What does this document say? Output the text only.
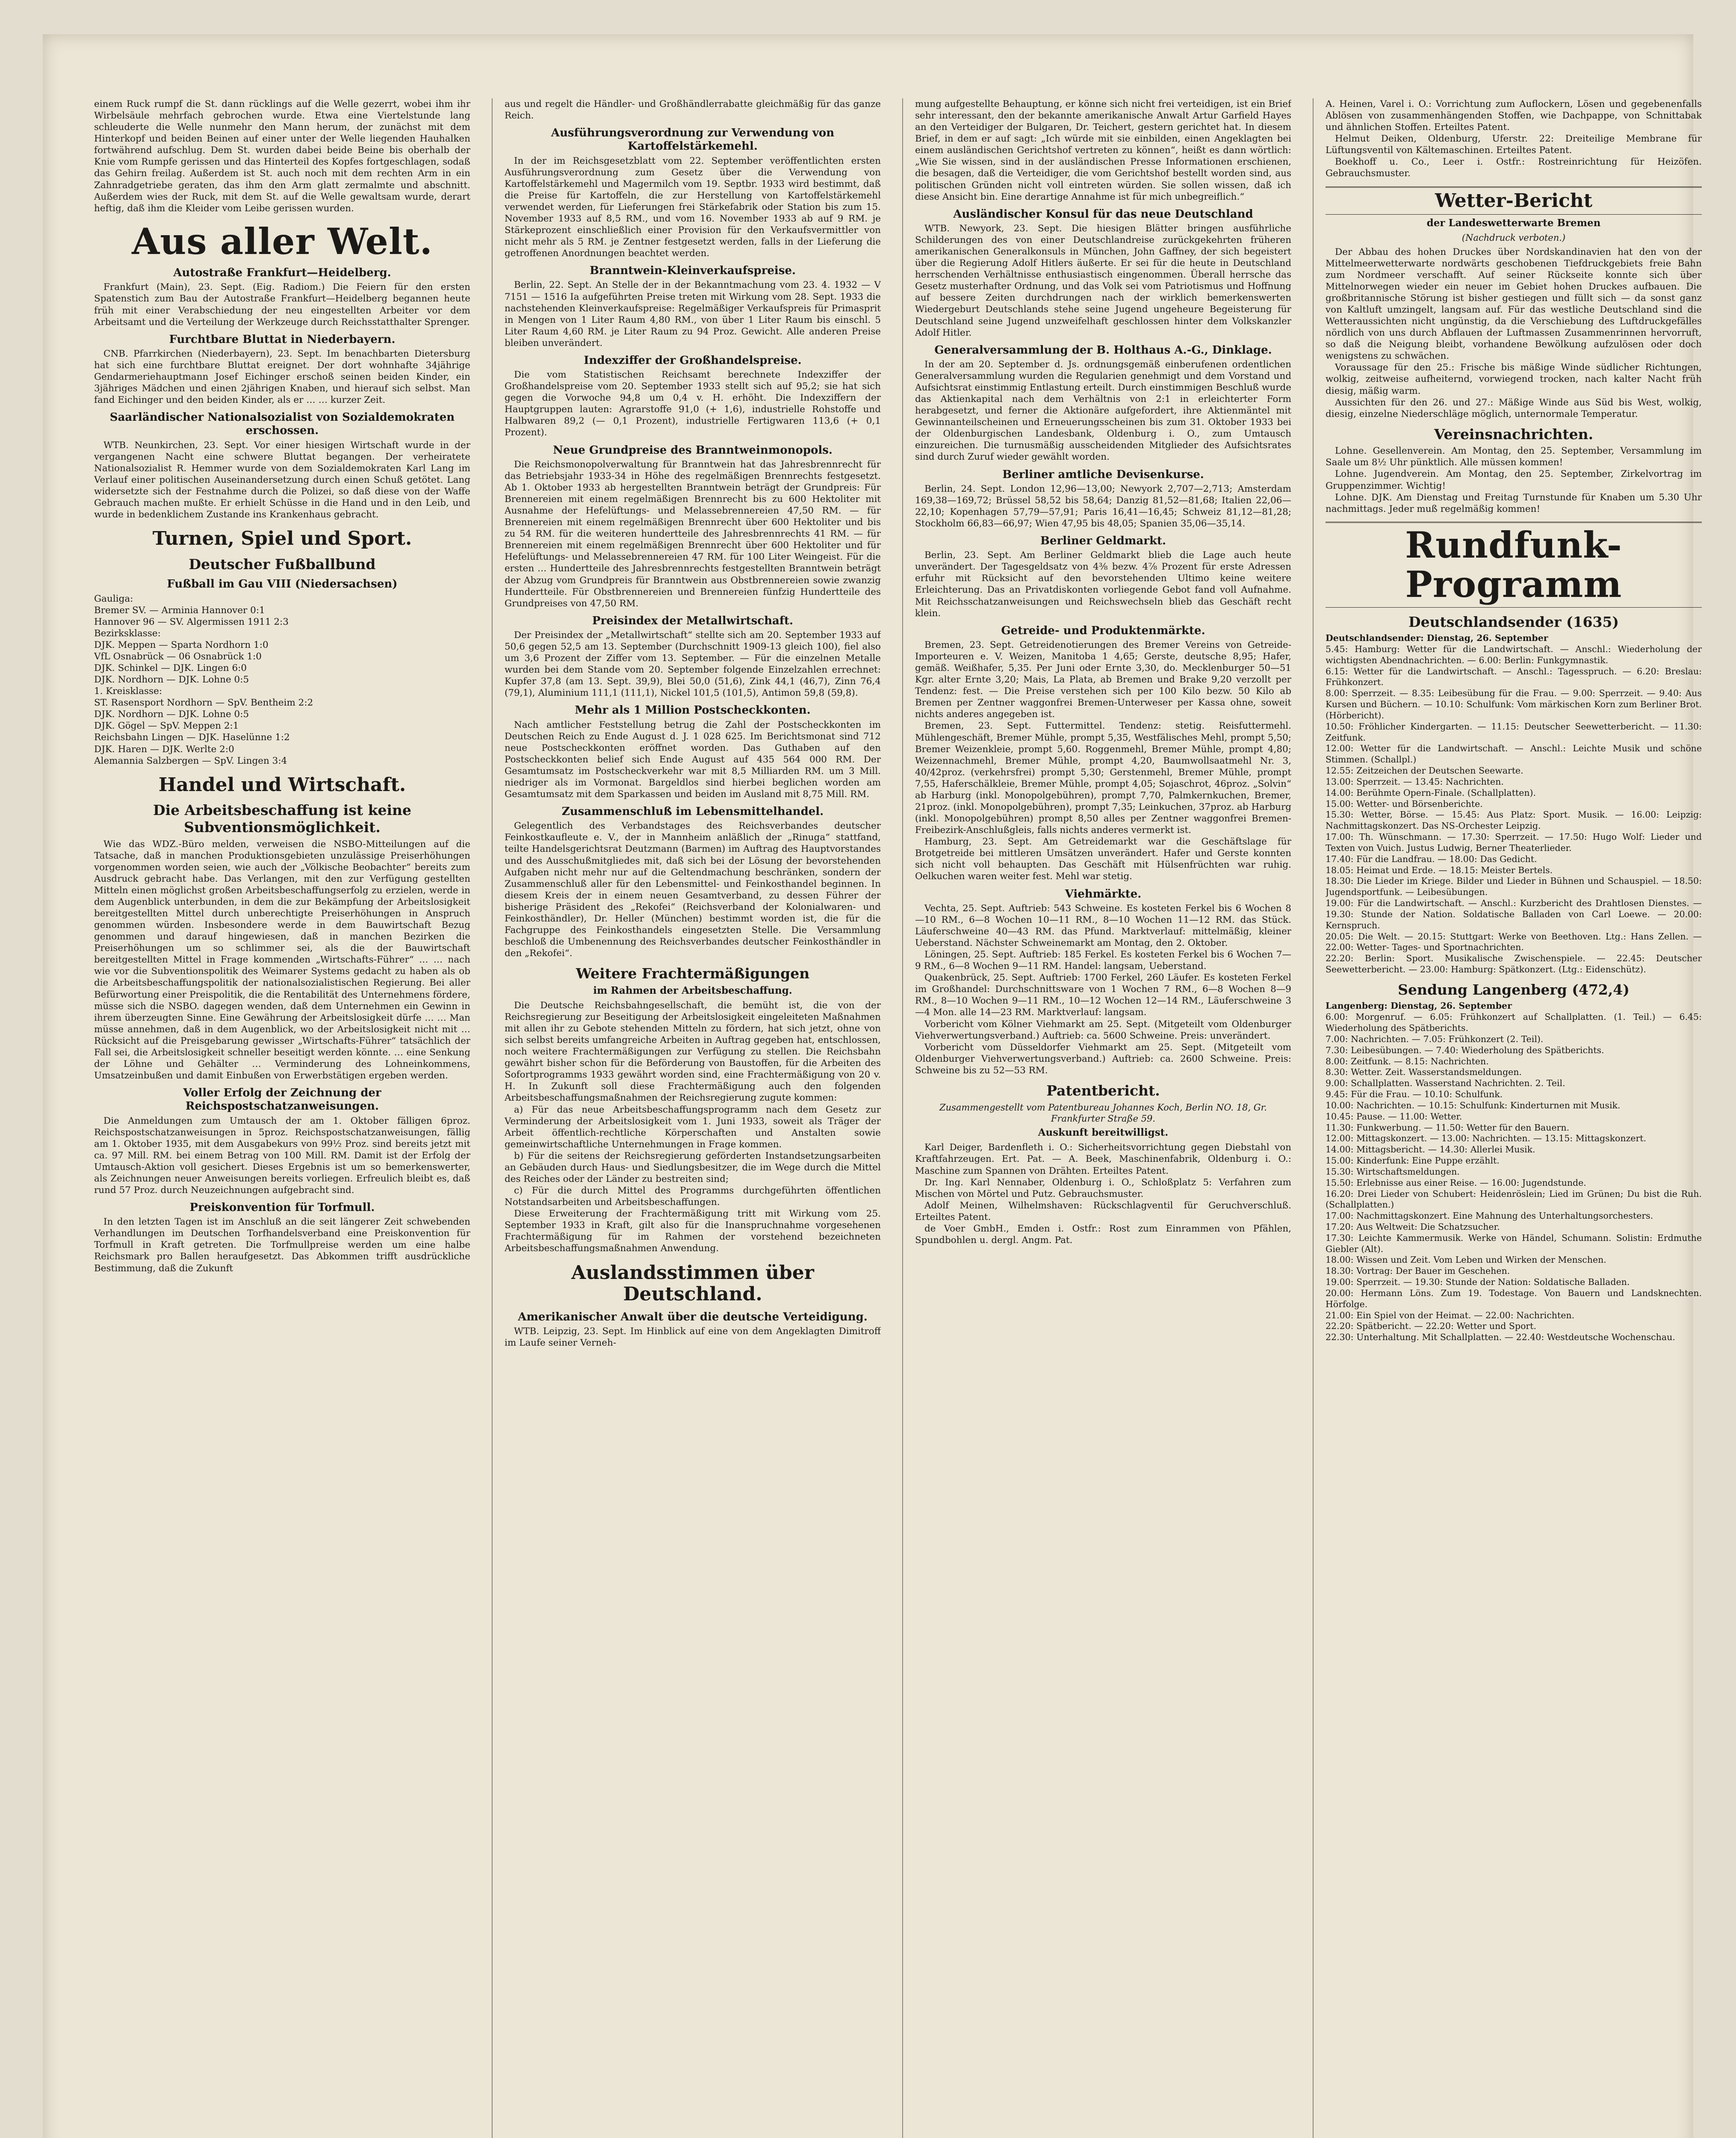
einem Ruck rumpf die St. dann rücklings auf die Welle gezerrt, wobei ihm ihr Wirbelsäule mehrfach gebrochen wurde. Etwa eine Viertelstunde lang schleuderte die Welle nunmehr den Mann herum, der zunächst mit dem Hinterkopf und beiden Beinen auf einer unter der Welle liegenden Hauhalken fortwährend aufschlug. Dem St. wurden dabei beide Beine bis oberhalb der Knie vom Rumpfe gerissen und das Hinterteil des Kopfes fortgeschlagen, sodaß das Gehirn freilag. Außerdem ist St. auch noch mit dem rechten Arm in ein Zahnradgetriebe geraten, das ihm den Arm glatt zermalmte und abschnitt. Außerdem wies der Ruck, mit dem St. auf die Welle gewaltsam wurde, derart heftig, daß ihm die Kleider vom Leibe gerissen wurden.

Aus aller Welt.
Autostraße Frankfurt—Heidelberg.

Frankfurt (Main), 23. Sept. (Eig. Radiom.) Die Feiern für den ersten Spatenstich zum Bau der Autostraße Frankfurt—Heidelberg begannen heute früh mit einer Verabschiedung der neu eingestellten Arbeiter vor dem Arbeitsamt und die Verteilung der Werkzeuge durch Reichsstatthalter Sprenger.

Furchtbare Bluttat in Niederbayern.

CNB. Pfarrkirchen (Niederbayern), 23. Sept. Im benachbarten Dietersburg hat sich eine furchtbare Bluttat ereignet. Der dort wohnhafte 34jährige Gendarmeriehauptmann Josef Eichinger erschoß seinen beiden Kinder, ein 3jähriges Mädchen und einen 2jährigen Knaben, und hierauf sich selbst. Man fand Eichinger und den beiden Kinder, als er … … kurzer Zeit.

Saarländischer Nationalsozialist von Sozialdemokraten erschossen.

WTB. Neunkirchen, 23. Sept. Vor einer hiesigen Wirtschaft wurde in der vergangenen Nacht eine schwere Bluttat begangen. Der verheiratete Nationalsozialist R. Hemmer wurde von dem Sozialdemokraten Karl Lang im Verlauf einer politischen Auseinandersetzung durch einen Schuß getötet. Lang widersetzte sich der Festnahme durch die Polizei, so daß diese von der Waffe Gebrauch machen mußte. Er erhielt Schüsse in die Hand und in den Leib, und wurde in bedenklichem Zustande ins Krankenhaus gebracht.

Turnen, Spiel und Sport.
Deutscher Fußballbund
Fußball im Gau VIII (Niedersachsen)
Gauliga:
Bremer SV. — Arminia Hannover 0:1
Hannover 96 — SV. Algermissen 1911 2:3
Bezirksklasse:
DJK. Meppen — Sparta Nordhorn 1:0
VfL Osnabrück — 06 Osnabrück 1:0
DJK. Schinkel — DJK. Lingen 6:0
DJK. Nordhorn — DJK. Lohne 0:5
1. Kreisklasse:
ST. Rasensport Nordhorn — SpV. Bentheim 2:2
DJK. Nordhorn — DJK. Lohne 0:5
DJK. Gögel — SpV. Meppen 2:1
Reichsbahn Lingen — DJK. Haselünne 1:2
DJK. Haren — DJK. Werlte 2:0
Alemannia Salzbergen — SpV. Lingen 3:4
Handel und Wirtschaft.
Die Arbeitsbeschaffung ist keine Subventionsmöglichkeit.

Wie das WDZ.-Büro melden, verweisen die NSBO-Mitteilungen auf die Tatsache, daß in manchen Produktionsgebieten unzulässige Preiserhöhungen vorgenommen worden seien, wie auch der „Völkische Beobachter“ bereits zum Ausdruck gebracht habe. Das Verlangen, mit den zur Verfügung gestellten Mitteln einen möglichst großen Arbeitsbeschaffungserfolg zu erzielen, werde in dem Augenblick unterbunden, in dem die zur Bekämpfung der Arbeitslosigkeit bereitgestellten Mittel durch unberechtigte Preiserhöhungen in Anspruch genommen würden. Insbesondere werde in dem Bauwirtschaft Bezug genommen und darauf hingewiesen, daß in manchen Bezirken die Preiserhöhungen um so schlimmer sei, als die der Bauwirtschaft bereitgestellten Mittel in Frage kommenden „Wirtschafts-Führer“ … … nach wie vor die Subventionspolitik des Weimarer Systems gedacht zu haben als ob die Arbeitsbeschaffungspolitik der nationalsozialistischen Regierung. Bei aller Befürwortung einer Preispolitik, die die Rentabilität des Unternehmens fördere, müsse sich die NSBO. dagegen wenden, daß dem Unternehmen ein Gewinn in ihrem überzeugten Sinne. Eine Gewährung der Arbeitslosigkeit dürfe … … Man müsse annehmen, daß in dem Augenblick, wo der Arbeitslosigkeit nicht mit … Rücksicht auf die Preisgebarung gewisser „Wirtschafts-Führer“ tatsächlich der Fall sei, die Arbeitslosigkeit schneller beseitigt werden könnte. … eine Senkung der Löhne und Gehälter … Verminderung des Lohneinkommens, Umsatzeinbußen und damit Einbußen von Erwerbstätigen ergeben werden.

Voller Erfolg der Zeichnung der Reichspostschatzanweisungen.

Die Anmeldungen zum Umtausch der am 1. Oktober fälligen 6proz. Reichspostschatzanweisungen in 5proz. Reichspostschatzanweisungen, fällig am 1. Oktober 1935, mit dem Ausgabekurs von 99½ Proz. sind bereits jetzt mit ca. 97 Mill. RM. bei einem Betrag von 100 Mill. RM. Damit ist der Erfolg der Umtausch-Aktion voll gesichert. Dieses Ergebnis ist um so bemerkenswerter, als Zeichnungen neuer Anweisungen bereits vorliegen. Erfreulich bleibt es, daß rund 57 Proz. durch Neuzeichnungen aufgebracht sind.

Preiskonvention für Torfmull.

In den letzten Tagen ist im Anschluß an die seit längerer Zeit schwebenden Verhandlungen im Deutschen Torfhandelsverband eine Preiskonvention für Torfmull in Kraft getreten. Die Torfmullpreise werden um eine halbe Reichsmark pro Ballen heraufgesetzt. Das Abkommen trifft ausdrückliche Bestimmung, daß die Zukunft

aus und regelt die Händler- und Großhändlerrabatte gleichmäßig für das ganze Reich.

Ausführungsverordnung zur Verwendung von Kartoffelstärkemehl.

In der im Reichsgesetzblatt vom 22. September veröffentlichten ersten Ausführungsverordnung zum Gesetz über die Verwendung von Kartoffelstärkemehl und Magermilch vom 19. Septbr. 1933 wird bestimmt, daß die Preise für Kartoffeln, die zur Herstellung von Kartoffelstärkemehl verwendet werden, für Lieferungen frei Stärkefabrik oder Station bis zum 15. November 1933 auf 8,5 RM., und vom 16. November 1933 ab auf 9 RM. je Stärkeprozent einschließlich einer Provision für den Verkaufsvermittler von nicht mehr als 5 RM. je Zentner festgesetzt werden, falls in der Lieferung die getroffenen Anordnungen beachtet werden.

Branntwein-Kleinverkaufspreise.

Berlin, 22. Sept. An Stelle der in der Bekanntmachung vom 23. 4. 1932 — V 7151 — 1516 Ia aufgeführten Preise treten mit Wirkung vom 28. Sept. 1933 die nachstehenden Kleinverkaufspreise: Regelmäßiger Verkaufspreis für Primasprit in Mengen von 1 Liter Raum 4,80 RM., von über 1 Liter Raum bis einschl. 5 Liter Raum 4,60 RM. je Liter Raum zu 94 Proz. Gewicht. Alle anderen Preise bleiben unverändert.

Indexziffer der Großhandelspreise.

Die vom Statistischen Reichsamt berechnete Indexziffer der Großhandelspreise vom 20. September 1933 stellt sich auf 95,2; sie hat sich gegen die Vorwoche 94,8 um 0,4 v. H. erhöht. Die Indexziffern der Hauptgruppen lauten: Agrarstoffe 91,0 (+ 1,6), industrielle Rohstoffe und Halbwaren 89,2 (— 0,1 Prozent), industrielle Fertigwaren 113,6 (+ 0,1 Prozent).

Neue Grundpreise des Branntweinmonopols.

Die Reichsmonopolverwaltung für Branntwein hat das Jahresbrennrecht für das Betriebsjahr 1933-34 in Höhe des regelmäßigen Brennrechts festgesetzt. Ab 1. Oktober 1933 ab hergestellten Branntwein beträgt der Grundpreis: Für Brennereien mit einem regelmäßigen Brennrecht bis zu 600 Hektoliter mit Ausnahme der Hefelüftungs- und Melassebrennereien 47,50 RM. — für Brennereien mit einem regelmäßigen Brennrecht über 600 Hektoliter und bis zu 54 RM. für die weiteren hundertteile des Jahresbrennrechts 41 RM. — für Brennereien mit einem regelmäßigen Brennrecht über 600 Hektoliter und für Hefelüftungs- und Melassebrennereien 47 RM. für 100 Liter Weingeist. Für die ersten … Hundertteile des Jahresbrennrechts festgestellten Branntwein beträgt der Abzug vom Grundpreis für Branntwein aus Obstbrennereien sowie zwanzig Hundertteile. Für Obstbrennereien und Brennereien fünfzig Hundertteile des Grundpreises von 47,50 RM.

Preisindex der Metallwirtschaft.

Der Preisindex der „Metallwirtschaft“ stellte sich am 20. September 1933 auf 50,6 gegen 52,5 am 13. September (Durchschnitt 1909-13 gleich 100), fiel also um 3,6 Prozent der Ziffer vom 13. September. — Für die einzelnen Metalle wurden bei dem Stande vom 20. September folgende Einzelzahlen errechnet: Kupfer 37,8 (am 13. Sept. 39,9), Blei 50,0 (51,6), Zink 44,1 (46,7), Zinn 76,4 (79,1), Aluminium 111,1 (111,1), Nickel 101,5 (101,5), Antimon 59,8 (59,8).

Mehr als 1 Million Postscheckkonten.

Nach amtlicher Feststellung betrug die Zahl der Postscheckkonten im Deutschen Reich zu Ende August d. J. 1 028 625. Im Berichtsmonat sind 712 neue Postscheckkonten eröffnet worden. Das Guthaben auf den Postscheckkonten belief sich Ende August auf 435 564 000 RM. Der Gesamtumsatz im Postscheckverkehr war mit 8,5 Milliarden RM. um 3 Mill. niedriger als im Vormonat. Bargeldlos sind hierbei beglichen worden am Gesamtumsatz mit dem Sparkassen und beiden im Ausland mit 8,75 Mill. RM.

Zusammenschluß im Lebensmittelhandel.

Gelegentlich des Verbandstages des Reichsverbandes deutscher Feinkostkaufleute e. V., der in Mannheim anläßlich der „Rinuga“ stattfand, teilte Handelsgerichtsrat Deutzmann (Barmen) im Auftrag des Hauptvorstandes und des Ausschußmitgliedes mit, daß sich bei der Lösung der bevorstehenden Aufgaben nicht mehr nur auf die Geltendmachung beschränken, sondern der Zusammenschluß aller für den Lebensmittel- und Feinkosthandel beginnen. In diesem Kreis der in einem neuen Gesamtverband, zu dessen Führer der bisherige Präsident des „Rekofei“ (Reichsverband der Kolonialwaren- und Feinkosthändler), Dr. Heller (München) bestimmt worden ist, die für die Fachgruppe des Feinkosthandels eingesetzten Stelle. Die Versammlung beschloß die Umbenennung des Reichsverbandes deutscher Feinkosthändler in den „Rekofei“.

Weitere Frachtermäßigungen
im Rahmen der Arbeitsbeschaffung.

Die Deutsche Reichsbahngesellschaft, die bemüht ist, die von der Reichsregierung zur Beseitigung der Arbeitslosigkeit eingeleiteten Maßnahmen mit allen ihr zu Gebote stehenden Mitteln zu fördern, hat sich jetzt, ohne von sich selbst bereits umfangreiche Arbeiten in Auftrag gegeben hat, entschlossen, noch weitere Frachtermäßigungen zur Verfügung zu stellen. Die Reichsbahn gewährt bisher schon für die Beförderung von Baustoffen, für die Arbeiten des Sofortprogramms 1933 gewährt worden sind, eine Frachtermäßigung von 20 v. H. In Zukunft soll diese Frachtermäßigung auch den folgenden Arbeitsbeschaffungsmaßnahmen der Reichsregierung zugute kommen:

a) Für das neue Arbeitsbeschaffungsprogramm nach dem Gesetz zur Verminderung der Arbeitslosigkeit vom 1. Juni 1933, soweit als Träger der Arbeit öffentlich-rechtliche Körperschaften und Anstalten sowie gemeinwirtschaftliche Unternehmungen in Frage kommen.

b) Für die seitens der Reichsregierung geförderten Instandsetzungsarbeiten an Gebäuden durch Haus- und Siedlungsbesitzer, die im Wege durch die Mittel des Reiches oder der Länder zu bestreiten sind;

c) Für die durch Mittel des Programms durchgeführten öffentlichen Notstandsarbeiten und Arbeitsbeschaffungen.

Diese Erweiterung der Frachtermäßigung tritt mit Wirkung vom 25. September 1933 in Kraft, gilt also für die Inanspruchnahme vorgesehenen Frachtermäßigung für im Rahmen der vorstehend bezeichneten Arbeitsbeschaffungsmaßnahmen Anwendung.

Auslandsstimmen über Deutschland.
Amerikanischer Anwalt über die deutsche Verteidigung.

WTB. Leipzig, 23. Sept. Im Hinblick auf eine von dem Angeklagten Dimitroff im Laufe seiner Verneh-

mung aufgestellte Behauptung, er könne sich nicht frei verteidigen, ist ein Brief sehr interessant, den der bekannte amerikanische Anwalt Artur Garfield Hayes an den Verteidiger der Bulgaren, Dr. Teichert, gestern gerichtet hat. In diesem Brief, in dem er auf sagt: „Ich würde mit sie einbilden, einen Angeklagten bei einem ausländischen Gerichtshof vertreten zu können“, heißt es dann wörtlich: „Wie Sie wissen, sind in der ausländischen Presse Informationen erschienen, die besagen, daß die Verteidiger, die vom Gerichtshof bestellt worden sind, aus politischen Gründen nicht voll eintreten würden. Sie sollen wissen, daß ich diese Ansicht bin. Eine derartige Annahme ist für mich unbegreiflich.“

Ausländischer Konsul für das neue Deutschland

WTB. Newyork, 23. Sept. Die hiesigen Blätter bringen ausführliche Schilderungen des von einer Deutschlandreise zurückgekehrten früheren amerikanischen Generalkonsuls in München, John Gaffney, der sich begeistert über die Regierung Adolf Hitlers äußerte. Er sei für die heute in Deutschland herrschenden Verhältnisse enthusiastisch eingenommen. Überall herrsche das Gesetz musterhafter Ordnung, und das Volk sei vom Patriotismus und Hoffnung auf bessere Zeiten durchdrungen nach der wirklich bemerkenswerten Wiedergeburt Deutschlands stehe seine Jugend ungeheure Begeisterung für Deutschland seine Jugend unzweifelhaft geschlossen hinter dem Volkskanzler Adolf Hitler.

Generalversammlung der B. Holthaus A.-G., Dinklage.

In der am 20. September d. Js. ordnungsgemäß einberufenen ordentlichen Generalversammlung wurden die Regularien genehmigt und dem Vorstand und Aufsichtsrat einstimmig Entlastung erteilt. Durch einstimmigen Beschluß wurde das Aktienkapital nach dem Verhältnis von 2:1 in erleichterter Form herabgesetzt, und ferner die Aktionäre aufgefordert, ihre Aktienmäntel mit Gewinnanteilscheinen und Erneuerungsscheinen bis zum 31. Oktober 1933 bei der Oldenburgischen Landesbank, Oldenburg i. O., zum Umtausch einzureichen. Die turnusmäßig ausscheidenden Mitglieder des Aufsichtsrates sind durch Zuruf wieder gewählt worden.

Berliner amtliche Devisenkurse.

Berlin, 24. Sept. London 12,96—13,00; Newyork 2,707—2,713; Amsterdam 169,38—169,72; Brüssel 58,52 bis 58,64; Danzig 81,52—81,68; Italien 22,06—22,10; Kopenhagen 57,79—57,91; Paris 16,41—16,45; Schweiz 81,12—81,28; Stockholm 66,83—66,97; Wien 47,95 bis 48,05; Spanien 35,06—35,14.

Berliner Geldmarkt.

Berlin, 23. Sept. Am Berliner Geldmarkt blieb die Lage auch heute unverändert. Der Tagesgeldsatz von 4⅜ bezw. 4⅞ Prozent für erste Adressen erfuhr mit Rücksicht auf den bevorstehenden Ultimo keine weitere Erleichterung. Das an Privatdiskonten vorliegende Gebot fand voll Aufnahme. Mit Reichsschatzanweisungen und Reichswechseln blieb das Geschäft recht klein.

Getreide- und Produktenmärkte.

Bremen, 23. Sept. Getreidenotierungen des Bremer Vereins von Getreide-Importeuren e. V. Weizen, Manitoba 1 4,65; Gerste, deutsche 8,95; Hafer, gemäß. Weißhafer, 5,35. Per Juni oder Ernte 3,30, do. Mecklenburger 50—51 Kgr. alter Ernte 3,20; Mais, La Plata, ab Bremen und Brake 9,20 verzollt per Tendenz: fest. — Die Preise verstehen sich per 100 Kilo bezw. 50 Kilo ab Bremen per Zentner waggonfrei Bremen-Unterweser per Kassa ohne, soweit nichts anderes angegeben ist.

Bremen, 23. Sept. Futtermittel. Tendenz: stetig. Reisfuttermehl. Mühlengeschäft, Bremer Mühle, prompt 5,35, Westfälisches Mehl, prompt 5,50; Bremer Weizenkleie, prompt 5,60. Roggenmehl, Bremer Mühle, prompt 4,80; Weizennachmehl, Bremer Mühle, prompt 4,20, Baumwollsaatmehl Nr. 3, 40/42proz. (verkehrsfrei) prompt 5,30; Gerstenmehl, Bremer Mühle, prompt 7,55, Haferschälkleie, Bremer Mühle, prompt 4,05; Sojaschrot, 46proz. „Solvin“ ab Harburg (inkl. Monopolgebühren), prompt 7,70, Palmkernkuchen, Bremer, 21proz. (inkl. Monopolgebühren), prompt 7,35; Leinkuchen, 37proz. ab Harburg (inkl. Monopolgebühren) prompt 8,50 alles per Zentner waggonfrei Bremen-Freibezirk-Anschlußgleis, falls nichts anderes vermerkt ist.

Hamburg, 23. Sept. Am Getreidemarkt war die Geschäftslage für Brotgetreide bei mittleren Umsätzen unverändert. Hafer und Gerste konnten sich nicht voll behaupten. Das Geschäft mit Hülsenfrüchten war ruhig. Oelkuchen waren weiter fest. Mehl war stetig.

Viehmärkte.

Vechta, 25. Sept. Auftrieb: 543 Schweine. Es kosteten Ferkel bis 6 Wochen 8—10 RM., 6—8 Wochen 10—11 RM., 8—10 Wochen 11—12 RM. das Stück. Läuferschweine 40—43 RM. das Pfund. Marktverlauf: mittelmäßig, kleiner Ueberstand. Nächster Schweinemarkt am Montag, den 2. Oktober.

Löningen, 25. Sept. Auftrieb: 185 Ferkel. Es kosteten Ferkel bis 6 Wochen 7—9 RM., 6—8 Wochen 9—11 RM. Handel: langsam, Ueberstand.

Quakenbrück, 25. Sept. Auftrieb: 1700 Ferkel, 260 Läufer. Es kosteten Ferkel im Großhandel: Durchschnittsware von 1 Wochen 7 RM., 6—8 Wochen 8—9 RM., 8—10 Wochen 9—11 RM., 10—12 Wochen 12—14 RM., Läuferschweine 3—4 Mon. alle 14—23 RM. Marktverlauf: langsam.

Vorbericht vom Kölner Viehmarkt am 25. Sept. (Mitgeteilt vom Oldenburger Viehverwertungsverband.) Auftrieb: ca. 5600 Schweine. Preis: unverändert.

Vorbericht vom Düsseldorfer Viehmarkt am 25. Sept. (Mitgeteilt vom Oldenburger Viehverwertungsverband.) Auftrieb: ca. 2600 Schweine. Preis: Schweine bis zu 52—53 RM.

Patentbericht.
Zusammengestellt vom Patentbureau Johannes Koch, Berlin NO. 18, Gr. Frankfurter Straße 59.
Auskunft bereitwilligst.

Karl Deiger, Bardenfleth i. O.: Sicherheitsvorrichtung gegen Diebstahl von Kraftfahrzeugen. Ert. Pat. — A. Beek, Maschinenfabrik, Oldenburg i. O.: Maschine zum Spannen von Drähten. Erteiltes Patent.

Dr. Ing. Karl Nennaber, Oldenburg i. O., Schloßplatz 5: Verfahren zum Mischen von Mörtel und Putz. Gebrauchsmuster.

Adolf Meinen, Wilhelmshaven: Rückschlagventil für Geruchverschluß. Erteiltes Patent.

de Voer GmbH., Emden i. Ostfr.: Rost zum Einrammen von Pfählen, Spundbohlen u. dergl. Angm. Pat.

A. Heinen, Varel i. O.: Vorrichtung zum Auflockern, Lösen und gegebenenfalls Ablösen von zusammenhängenden Stoffen, wie Dachpappe, von Schnittabak und ähnlichen Stoffen. Erteiltes Patent.

Helmut Deiken, Oldenburg, Uferstr. 22: Dreiteilige Membrane für Lüftungsventil von Kältemaschinen. Erteiltes Patent.

Boekhoff u. Co., Leer i. Ostfr.: Rostreinrichtung für Heizöfen. Gebrauchsmuster.

Wetter-Bericht
der Landeswetterwarte Bremen
(Nachdruck verboten.)

Der Abbau des hohen Druckes über Nordskandinavien hat den von der Mittelmeerwetterwarte nordwärts geschobenen Tiefdruckgebiets freie Bahn zum Nordmeer verschafft. Auf seiner Rückseite konnte sich über Mittelnorwegen wieder ein neuer im Gebiet hohen Druckes aufbauen. Die großbritannische Störung ist bisher gestiegen und füllt sich — da sonst ganz von Kaltluft umzingelt, langsam auf. Für das westliche Deutschland sind die Wetteraussichten nicht ungünstig, da die Verschiebung des Luftdruckgefälles nördlich von uns durch Abflauen der Luftmassen Zusammenrinnen hervorruft, so daß die Neigung bleibt, vorhandene Bewölkung aufzulösen oder doch wenigstens zu schwächen.

Voraussage für den 25.: Frische bis mäßige Winde südlicher Richtungen, wolkig, zeitweise aufheiternd, vorwiegend trocken, nach kalter Nacht früh diesig, mäßig warm.

Aussichten für den 26. und 27.: Mäßige Winde aus Süd bis West, wolkig, diesig, einzelne Niederschläge möglich, unternormale Temperatur.

Vereinsnachrichten.

Lohne. Gesellenverein. Am Montag, den 25. September, Versammlung im Saale um 8½ Uhr pünktlich. Alle müssen kommen!

Lohne. Jugendverein. Am Montag, den 25. September, Zirkelvortrag im Gruppenzimmer. Wichtig!

Lohne. DJK. Am Dienstag und Freitag Turnstunde für Knaben um 5.30 Uhr nachmittags. Jeder muß regelmäßig kommen!

Rundfunk-Programm
Deutschlandsender (1635)
Deutschlandsender: Dienstag, 26. September
5.45: Hamburg: Wetter für die Landwirtschaft. — Anschl.: Wiederholung der wichtigsten Abendnachrichten. — 6.00: Berlin: Funkgymnastik.
6.15: Wetter für die Landwirtschaft. — Anschl.: Tagesspruch. — 6.20: Breslau: Frühkonzert.
8.00: Sperrzeit. — 8.35: Leibesübung für die Frau. — 9.00: Sperrzeit. — 9.40: Aus Kursen und Büchern. — 10.10: Schulfunk: Vom märkischen Korn zum Berliner Brot. (Hörbericht).
10.50: Fröhlicher Kindergarten. — 11.15: Deutscher Seewetterbericht. — 11.30: Zeitfunk.
12.00: Wetter für die Landwirtschaft. — Anschl.: Leichte Musik und schöne Stimmen. (Schallpl.)
12.55: Zeitzeichen der Deutschen Seewarte.
13.00: Sperrzeit. — 13.45: Nachrichten.
14.00: Berühmte Opern-Finale. (Schallplatten).
15.00: Wetter- und Börsenberichte.
15.30: Wetter, Börse. — 15.45: Aus Platz: Sport. Musik. — 16.00: Leipzig: Nachmittagskonzert. Das NS-Orchester Leipzig.
17.00: Th. Wünschmann. — 17.30: Sperrzeit. — 17.50: Hugo Wolf: Lieder und Texten von Vuich. Justus Ludwig, Berner Theaterlieder.
17.40: Für die Landfrau. — 18.00: Das Gedicht.
18.05: Heimat und Erde. — 18.15: Meister Bertels.
18.30: Die Lieder im Kriege. Bilder und Lieder in Bühnen und Schauspiel. — 18.50: Jugendsportfunk. — Leibesübungen.
19.00: Für die Landwirtschaft. — Anschl.: Kurzbericht des Drahtlosen Dienstes. — 19.30: Stunde der Nation. Soldatische Balladen von Carl Loewe. — 20.00: Kernspruch.
20.05: Die Welt. — 20.15: Stuttgart: Werke von Beethoven. Ltg.: Hans Zellen. — 22.00: Wetter- Tages- und Sportnachrichten.
22.20: Berlin: Sport. Musikalische Zwischenspiele. — 22.45: Deutscher Seewetterbericht. — 23.00: Hamburg: Spätkonzert. (Ltg.: Eidenschütz).
Sendung Langenberg (472,4)
Langenberg: Dienstag, 26. September
6.00: Morgenruf. — 6.05: Frühkonzert auf Schallplatten. (1. Teil.) — 6.45: Wiederholung des Spätberichts.
7.00: Nachrichten. — 7.05: Frühkonzert (2. Teil).
7.30: Leibesübungen. — 7.40: Wiederholung des Spätberichts.
8.00: Zeitfunk. — 8.15: Nachrichten.
8.30: Wetter. Zeit. Wasserstandsmeldungen.
9.00: Schallplatten. Wasserstand Nachrichten. 2. Teil.
9.45: Für die Frau. — 10.10: Schulfunk.
10.00: Nachrichten. — 10.15: Schulfunk: Kinderturnen mit Musik.
10.45: Pause. — 11.00: Wetter.
11.30: Funkwerbung. — 11.50: Wetter für den Bauern.
12.00: Mittagskonzert. — 13.00: Nachrichten. — 13.15: Mittagskonzert.
14.00: Mittagsbericht. — 14.30: Allerlei Musik.
15.00: Kinderfunk: Eine Puppe erzählt.
15.30: Wirtschaftsmeldungen.
15.50: Erlebnisse aus einer Reise. — 16.00: Jugendstunde.
16.20: Drei Lieder von Schubert: Heidenröslein; Lied im Grünen; Du bist die Ruh. (Schallplatten.)
17.00: Nachmittagskonzert. Eine Mahnung des Unterhaltungsorchesters.
17.20: Aus Weltweit: Die Schatzsucher.
17.30: Leichte Kammermusik. Werke von Händel, Schumann. Solistin: Erdmuthe Giebler (Alt).
18.00: Wissen und Zeit. Vom Leben und Wirken der Menschen.
18.30: Vortrag: Der Bauer im Geschehen.
19.00: Sperrzeit. — 19.30: Stunde der Nation: Soldatische Balladen.
20.00: Hermann Löns. Zum 19. Todestage. Von Bauern und Landsknechten. Hörfolge.
21.00: Ein Spiel von der Heimat. — 22.00: Nachrichten.
22.20: Spätbericht. — 22.20: Wetter und Sport.
22.30: Unterhaltung. Mit Schallplatten. — 22.40: Westdeutsche Wochenschau.
